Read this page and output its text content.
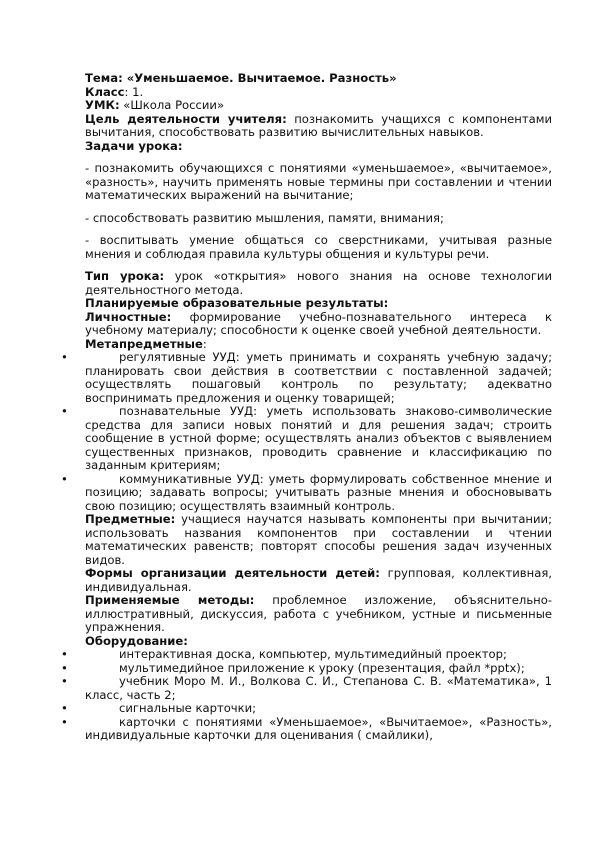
Тема: «Уменьшаемое. Вычитаемое. Разность»

Класс: 1.

УМК: «Школа России»

Цель деятельности учителя: познакомить учащихся с компонентами вычитания, способствовать развитию вычислительных навыков.

Задачи урока:

- познакомить обучающихся с понятиями «уменьшаемое», «вычитаемое», «разность», научить применять новые термины при составлении и чтении математических выражений на вычитание;

- способствовать развитию мышления, памяти, внимания;

- воспитывать умение общаться со сверстниками, учитывая разные мнения и соблюдая правила культуры общения и культуры речи.

Тип урока: урок «открытия» нового знания на основе технологии деятельностного метода.

Планируемые образовательные результаты:

Личностные: формирование учебно-познавательного интереса к учебному материалу; способности к оценке своей учебной деятельности.

Метапредметные:

•	регулятивные УУД: уметь принимать и сохранять учебную задачу; планировать свои действия в соответствии с поставленной задачей; осуществлять пошаговый контроль по результату; адекватно воспринимать предложения и оценку товарищей;
•	познавательные УУД: уметь использовать знаково-символические средства для записи новых понятий и для решения задач; строить сообщение в устной форме; осуществлять анализ объектов с выявлением существенных признаков, проводить сравнение и классификацию по заданным критериям;
•	коммуникативные УУД: уметь формулировать собственное мнение и позицию; задавать вопросы; учитывать разные мнения и обосновывать свою позицию; осуществлять взаимный контроль.

Предметные: учащиеся научатся называть компоненты при вычитании; использовать названия компонентов при составлении и чтении математических равенств; повторят способы решения задач изученных видов.

Формы организации деятельности детей: групповая, коллективная, индивидуальная.

Применяемые методы: проблемное изложение, объяснительно-иллюстративный, дискуссия, работа с учебником, устные и письменные упражнения.

Оборудование:

•	интерактивная доска, компьютер, мультимедийный проектор;
•	мультимедийное приложение к уроку (презентация, файл *pptx);
•	учебник Моро М. И., Волкова С. И., Степанова С. В. «Математика», 1 класс, часть 2;
•	сигнальные карточки;
•	карточки с понятиями «Уменьшаемое», «Вычитаемое», «Разность», индивидуальные карточки для оценивания ( смайлики),
